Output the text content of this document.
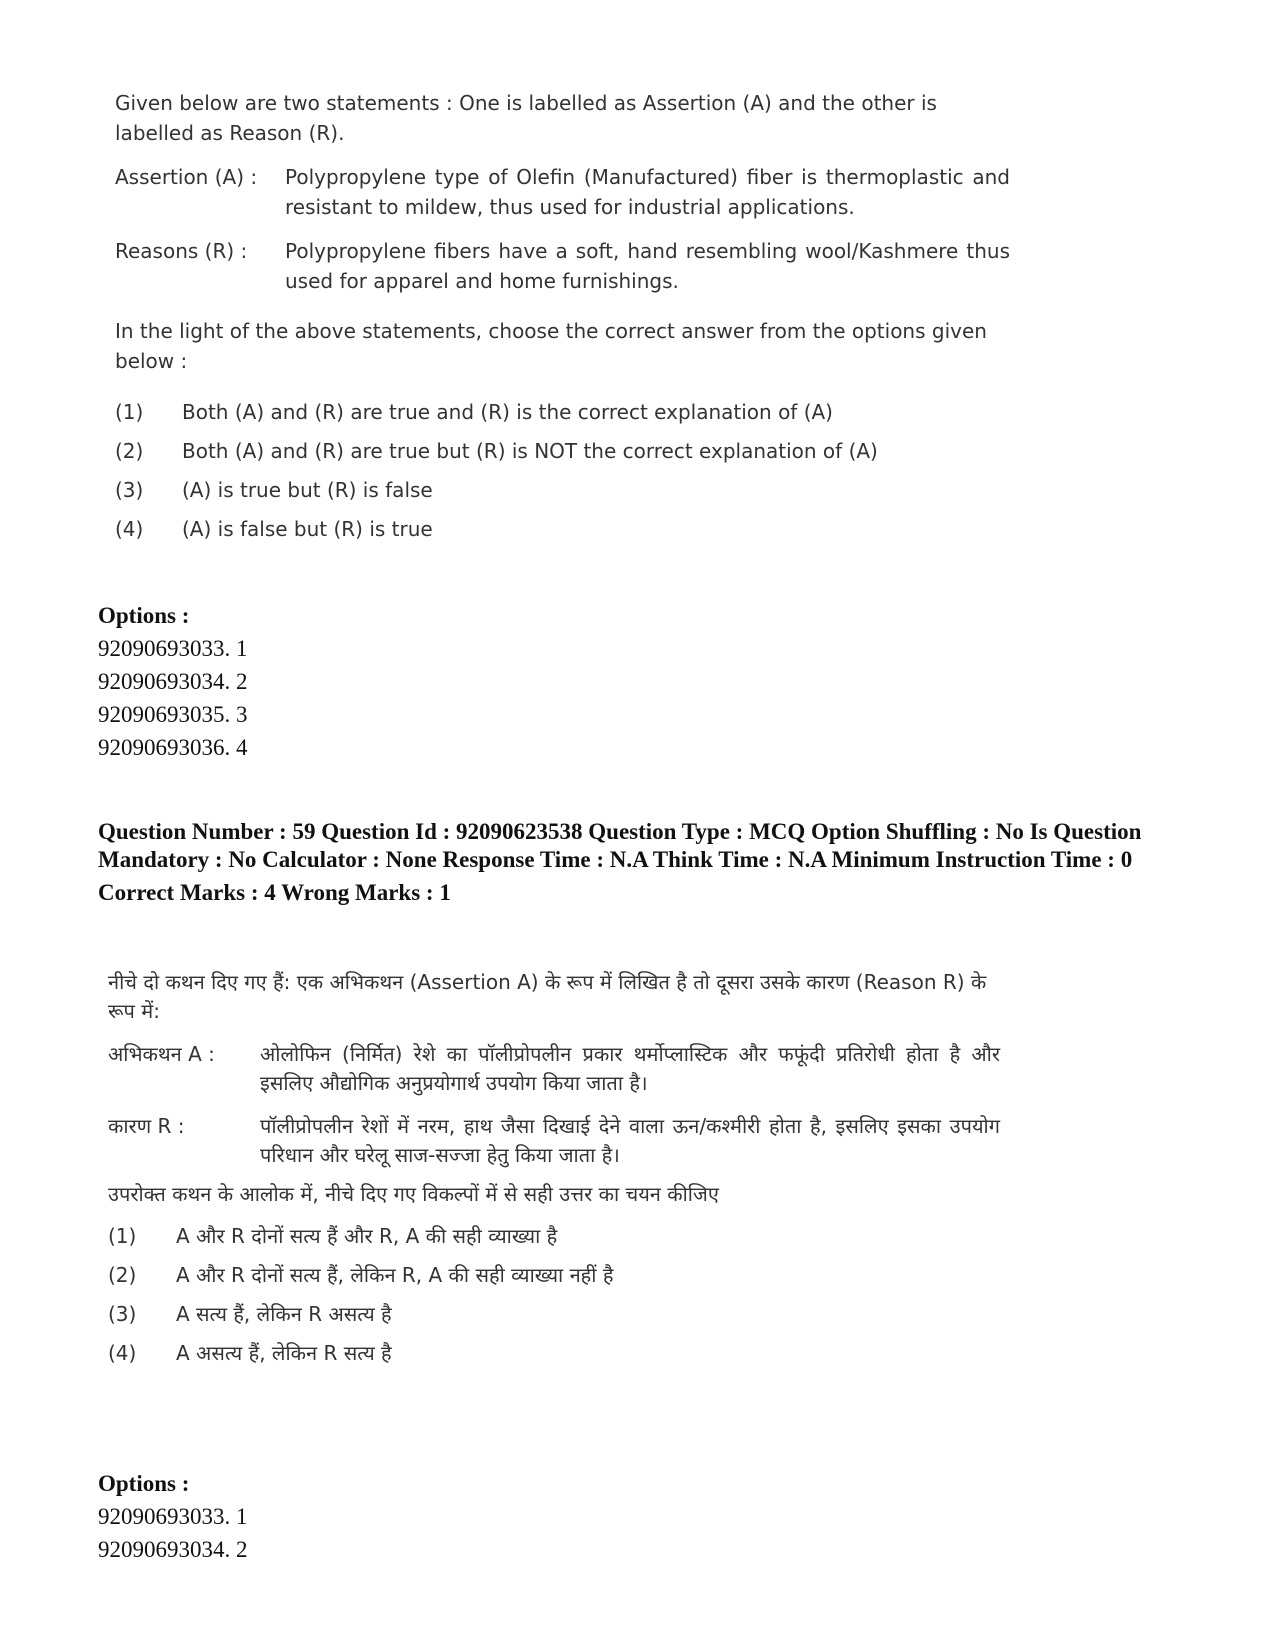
Given below are two statements : One is labelled as Assertion (A) and the other is labelled as Reason (R).

Assertion (A) :	Polypropylene type of Olefin (Manufactured) fiber is thermoplastic and resistant to mildew, thus used for industrial applications.
Reasons (R) :	Polypropylene fibers have a soft, hand resembling wool/Kashmere thus used for apparel and home furnishings.

In the light of the above statements, choose the correct answer from the options given below :

(1)	Both (A) and (R) are true and (R) is the correct explanation of (A)
(2)	Both (A) and (R) are true but (R) is NOT the correct explanation of (A)
(3)	(A) is true but (R) is false
(4)	(A) is false but (R) is true
Options :
92090693033. 1
92090693034. 2
92090693035. 3
92090693036. 4
Question Number : 59 Question Id : 92090623538 Question Type : MCQ Option Shuffling : No Is Question Mandatory : No Calculator : None Response Time : N.A Think Time : N.A Minimum Instruction Time : 0
Correct Marks : 4 Wrong Marks : 1

नीचे दो कथन दिए गए हैं: एक अभिकथन (Assertion A) के रूप में लिखित है तो दूसरा उसके कारण (Reason R) के रूप में:

अभिकथन A :	ओलोफिन (निर्मित) रेशे का पॉलीप्रोपलीन प्रकार थर्मोप्लास्टिक और फफूंदी प्रतिरोधी होता है और इसलिए औद्योगिक अनुप्रयोगार्थ उपयोग किया जाता है।
कारण R :	पॉलीप्रोपलीन रेशों में नरम, हाथ जैसा दिखाई देने वाला ऊन/कश्मीरी होता है, इसलिए इसका उपयोग परिधान और घरेलू साज-सज्जा हेतु किया जाता है।

उपरोक्त कथन के आलोक में, नीचे दिए गए विकल्पों में से सही उत्तर का चयन कीजिए

(1)	A और R दोनों सत्य हैं और R, A की सही व्याख्या है
(2)	A और R दोनों सत्य हैं, लेकिन R, A की सही व्याख्या नहीं है
(3)	A सत्य हैं, लेकिन R असत्य है
(4)	A असत्य हैं, लेकिन R सत्य है
Options :
92090693033. 1
92090693034. 2
